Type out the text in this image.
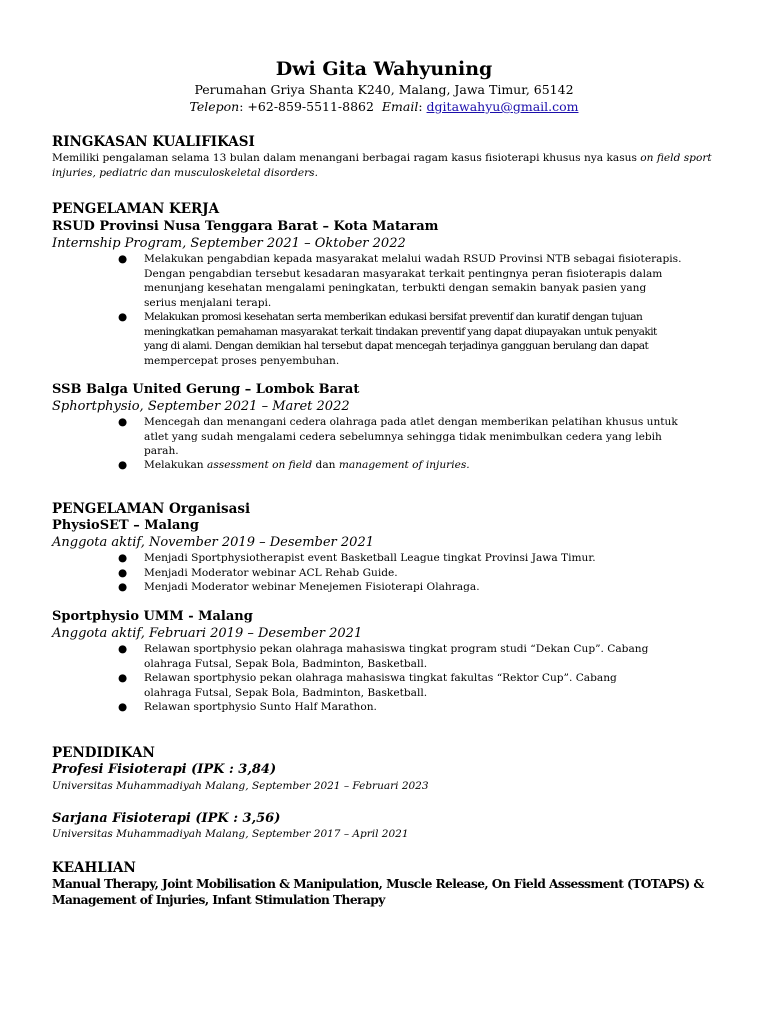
Dwi Gita Wahyuning
Perumahan Griya Shanta K240, Malang, Jawa Timur, 65142
Telepon: +62-859-5511-8862 Email: dgitawahyu@gmail.com
RINGKASAN KUALIFIKASI
Memiliki pengalaman selama 13 bulan dalam menangani berbagai ragam kasus fisioterapi khusus nya kasus on field sport
injuries, pediatric dan musculoskeletal disorders.
PENGELAMAN KERJA
RSUD Provinsi Nusa Tenggara Barat – Kota Mataram
Internship Program, September 2021 – Oktober 2022
● Melakukan pengabdian kepada masyarakat melalui wadah RSUD Provinsi NTB sebagai fisioterapis.
Dengan pengabdian tersebut kesadaran masyarakat terkait pentingnya peran fisioterapis dalam
menunjang kesehatan mengalami peningkatan, terbukti dengan semakin banyak pasien yang
serius menjalani terapi.
● Melakukan promosi kesehatan serta memberikan edukasi bersifat preventif dan kuratif dengan tujuan
meningkatkan pemahaman masyarakat terkait tindakan preventif yang dapat diupayakan untuk penyakit
yang di alami. Dengan demikian hal tersebut dapat mencegah terjadinya gangguan berulang dan dapat
mempercepat proses penyembuhan.
SSB Balga United Gerung – Lombok Barat
Sphortphysio, September 2021 – Maret 2022
● Mencegah dan menangani cedera olahraga pada atlet dengan memberikan pelatihan khusus untuk
atlet yang sudah mengalami cedera sebelumnya sehingga tidak menimbulkan cedera yang lebih
parah.
● Melakukan assessment on field dan management of injuries.
PENGELAMAN Organisasi
PhysioSET – Malang
Anggota aktif, November 2019 – Desember 2021
● Menjadi Sportphysiotherapist event Basketball League tingkat Provinsi Jawa Timur.
● Menjadi Moderator webinar ACL Rehab Guide.
● Menjadi Moderator webinar Menejemen Fisioterapi Olahraga.
Sportphysio UMM - Malang
Anggota aktif, Februari 2019 – Desember 2021
● Relawan sportphysio pekan olahraga mahasiswa tingkat program studi “Dekan Cup”. Cabang
olahraga Futsal, Sepak Bola, Badminton, Basketball.
● Relawan sportphysio pekan olahraga mahasiswa tingkat fakultas “Rektor Cup”. Cabang
olahraga Futsal, Sepak Bola, Badminton, Basketball.
● Relawan sportphysio Sunto Half Marathon.
PENDIDIKAN
Profesi Fisioterapi (IPK : 3,84)
Universitas Muhammadiyah Malang, September 2021 – Februari 2023
Sarjana Fisioterapi (IPK : 3,56)
Universitas Muhammadiyah Malang, September 2017 – April 2021
KEAHLIAN
Manual Therapy, Joint Mobilisation & Manipulation, Muscle Release, On Field Assessment (TOTAPS) &
Management of Injuries, Infant Stimulation Therapy
